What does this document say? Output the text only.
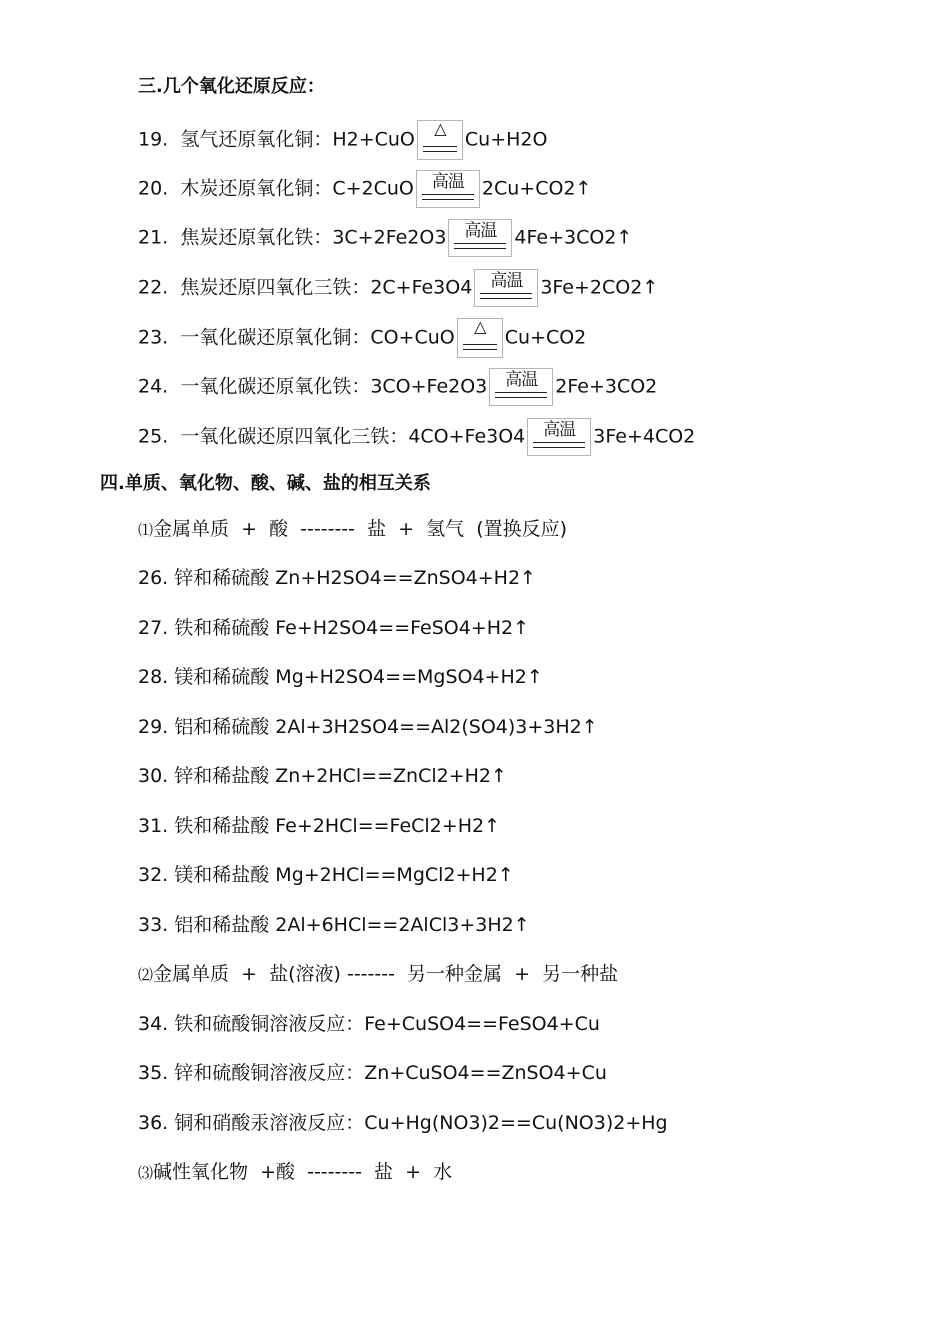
三.几个氧化还原反应：
19. 氢气还原氧化铜：H2+CuO	△	Cu+H2O
20. 木炭还原氧化铜：C+2CuO	高温 2Cu+CO2↑
21. 焦炭还原氧化铁：3C+2Fe2O3	高温 4Fe+3CO2↑
22. 焦炭还原四氧化三铁：2C+Fe3O4	高温 3Fe+2CO2↑
23. 一氧化碳还原氧化铜：CO+CuO	△	Cu+CO2
24. 一氧化碳还原氧化铁：3CO+Fe2O3	高温 2Fe+3CO2
25. 一氧化碳还原四氧化三铁：4CO+Fe3O4	高温 3Fe+4CO2
四.单质、氧化物、酸、碱、盐的相互关系
⑴金属单质  +  酸  --------  盐  +  氢气  (置换反应)
26. 锌和稀硫酸 Zn+H2SO4==ZnSO4+H2↑
27. 铁和稀硫酸 Fe+H2SO4==FeSO4+H2↑
28. 镁和稀硫酸 Mg+H2SO4==MgSO4+H2↑
29. 铝和稀硫酸 2Al+3H2SO4==Al2(SO4)3+3H2↑
30. 锌和稀盐酸 Zn+2HCl==ZnCl2+H2↑
31. 铁和稀盐酸 Fe+2HCl==FeCl2+H2↑
32. 镁和稀盐酸 Mg+2HCl==MgCl2+H2↑
33. 铝和稀盐酸 2Al+6HCl==2AlCl3+3H2↑
⑵金属单质  +  盐(溶液) -------  另一种金属  +  另一种盐
34. 铁和硫酸铜溶液反应：Fe+CuSO4==FeSO4+Cu
35. 锌和硫酸铜溶液反应：Zn+CuSO4==ZnSO4+Cu
36. 铜和硝酸汞溶液反应：Cu+Hg(NO3)2==Cu(NO3)2+Hg
⑶碱性氧化物  +酸  --------  盐  +  水
